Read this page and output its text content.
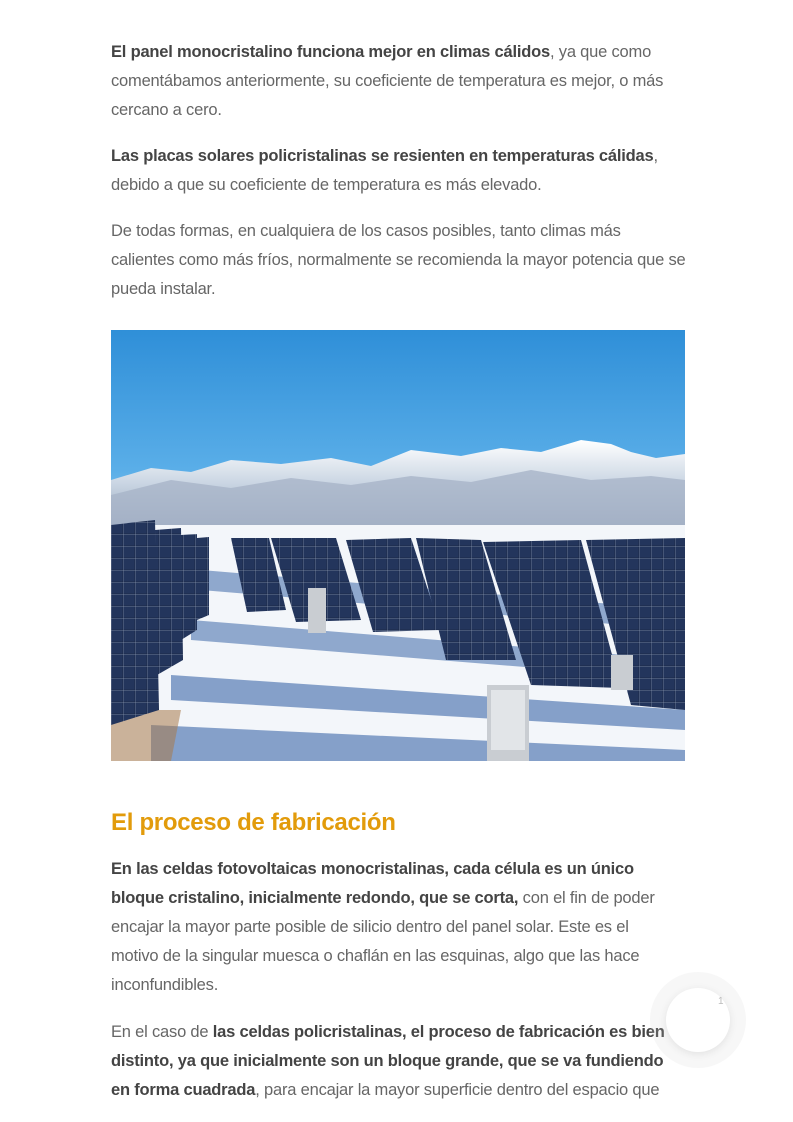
El panel monocristalino funciona mejor en climas cálidos, ya que como comentábamos anteriormente, su coeficiente de temperatura es mejor, o más cercano a cero.

Las placas solares policristalinas se resienten en temperaturas cálidas, debido a que su coeficiente de temperatura es más elevado.

De todas formas, en cualquiera de los casos posibles, tanto climas más calientes como más fríos, normalmente se recomienda la mayor potencia que se pueda instalar.

El proceso de fabricación

En las celdas fotovoltaicas monocristalinas, cada célula es un único bloque cristalino, inicialmente redondo, que se corta, con el fin de poder encajar la mayor parte posible de silicio dentro del panel solar. Este es el motivo de la singular muesca o chaflán en las esquinas, algo que las hace inconfundibles.

En el caso de las celdas policristalinas, el proceso de fabricación es bien distinto, ya que inicialmente son un bloque grande, que se va fundiendo en forma cuadrada, para encajar la mayor superficie dentro del espacio que

1
